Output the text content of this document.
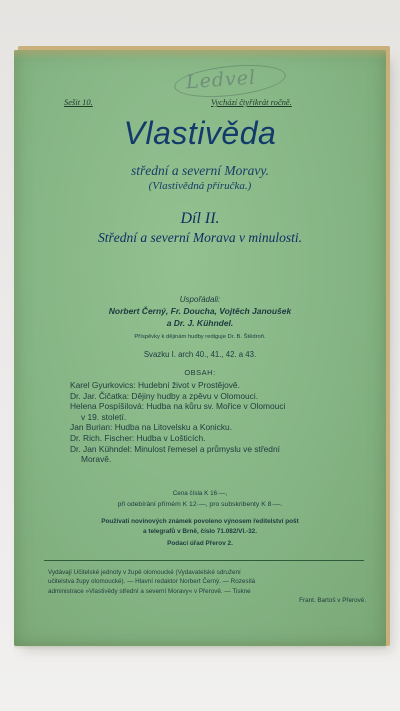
Ledvel
Sešit 10.	Vychází čtyřikrát ročně.
Vlastivěda
střední a severní Moravy.
(Vlastivědná příručka.)
Díl II.
Střední a severní Morava v minulosti.
Uspořádali:
Norbert Černý, Fr. Doucha, Vojtěch Janoušek
a Dr. J. Kühndel.
Příspěvky k dějinám hudby rediguje Dr. B. Štědroň.
Svazku I. arch 40., 41., 42. a 43.
OBSAH:

Karel Gyurkovics: Hudební život v Prostějově.

Dr. Jar. Čičatka: Dějiny hudby a zpěvu v Olomouci.

Helena Pospíšilová: Hudba na kůru sv. Mořice v Olomouci

v 19. století.

Jan Burian: Hudba na Litovelsku a Konicku.

Dr. Rich. Fischer: Hudba v Lošticích.

Dr. Jan Kühndel: Minulost řemesel a průmyslu ve střední

Moravě.

Cena čísla K 16·—,
při odebírání přímém K 12·—, pro subskribenty K 8·—.
Používati novinových známek povoleno výnosem ředitelství pošt
a telegrafů v Brně, číslo 71.082/VI.-32.
Podací úřad Přerov 2.

Vydávají Učitelské jednoty v župě olomoucké (Vydavatelské sdružení

učitelstva župy olomoucké). — Hlavní redaktor Norbert Černý. — Rozesílá

administrace »Vlastivědy střední a severní Moravy« v Přerově. — Tiskne

Frant. Bartoš v Přerově.
